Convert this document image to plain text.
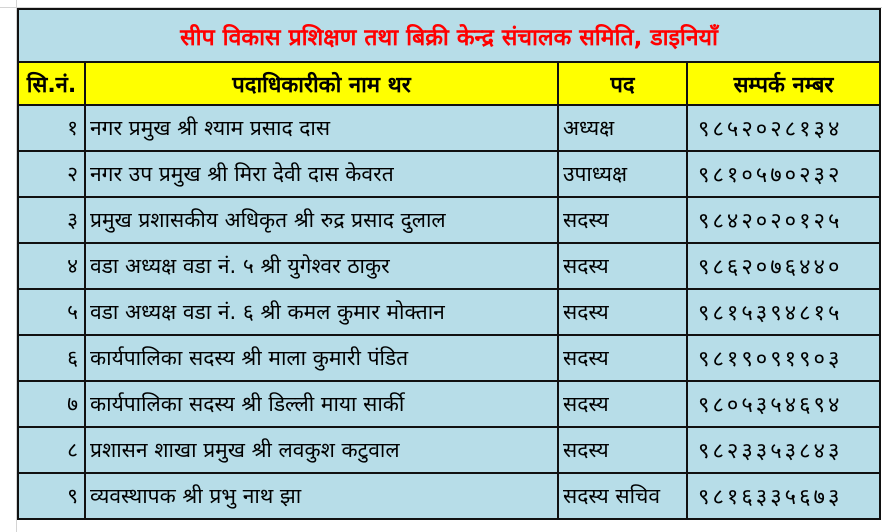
सीप विकास प्रशिक्षण तथा बिक्री केन्द्र संचालक समिति, डाइनियाँ			
सि.नं.	पदाधिकारीको नाम थर	पद	सम्पर्क नम्बर
१	नगर प्रमुख श्री श्याम प्रसाद दास	अध्यक्ष	९८५२०२८१३४
२	नगर उप प्रमुख श्री मिरा देवी दास केवरत	उपाध्यक्ष	९८१०५७०२३२
३	प्रमुख प्रशासकीय अधिकृत श्री रुद्र प्रसाद दुलाल	सदस्य	९८४२०२०१२५
४	वडा अध्यक्ष वडा नं. ५ श्री युगेश्वर ठाकुर	सदस्य	९८६२०७६४४०
५	वडा अध्यक्ष वडा नं. ६ श्री कमल कुमार मोक्तान	सदस्य	९८१५३९४८१५
६	कार्यपालिका सदस्य श्री माला कुमारी पंडित	सदस्य	९८१९०९१९०३
७	कार्यपालिका सदस्य श्री डिल्ली माया सार्की	सदस्य	९८०५३५४६९४
८	प्रशासन शाखा प्रमुख श्री लवकुश कटुवाल	सदस्य	९८२३३५३८४३
९	व्यवस्थापक श्री प्रभु नाथ झा	सदस्य सचिव	९८१६३३५६७३
